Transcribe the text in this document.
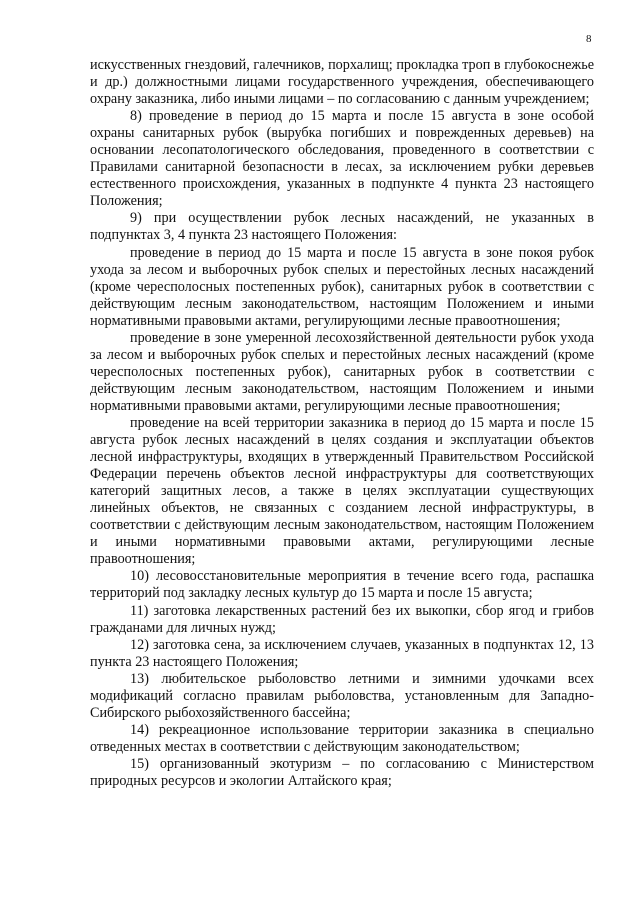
8

искусственных гнездовий, галечников, порхалищ; прокладка троп в глубокоснежье и др.) должностными лицами государственного учреждения, обеспечивающего охрану заказника, либо иными лицами – по согласованию с данным учреждением;

8) проведение в период до 15 марта и после 15 августа в зоне особой охраны санитарных рубок (вырубка погибших и поврежденных деревьев) на основании лесопатологического обследования, проведенного в соответствии с Правилами санитарной безопасности в лесах, за исключением рубки деревьев естественного происхождения, указанных в подпункте 4 пункта 23 настоящего Положения;

9) при осуществлении рубок лесных насаждений, не указанных в подпунктах 3, 4 пункта 23 настоящего Положения:

проведение в период до 15 марта и после 15 августа в зоне покоя рубок ухода за лесом и выборочных рубок спелых и перестойных лесных насаждений (кроме чересполосных постепенных рубок), санитарных рубок в соответствии с действующим лесным законодательством, настоящим Положением и иными нормативными правовыми актами, регулирующими лесные правоотношения;

проведение в зоне умеренной лесохозяйственной деятельности рубок ухода за лесом и выборочных рубок спелых и перестойных лесных насаждений (кроме чересполосных постепенных рубок), санитарных рубок в соответствии с действующим лесным законодательством, настоящим Положением и иными нормативными правовыми актами, регулирующими лесные правоотношения;

проведение на всей территории заказника в период до 15 марта и после 15 августа рубок лесных насаждений в целях создания и эксплуатации объектов лесной инфраструктуры, входящих в утвержденный Правительством Российской Федерации перечень объектов лесной инфраструктуры для соответствующих категорий защитных лесов, а также в целях эксплуатации существующих линейных объектов, не связанных с созданием лесной инфраструктуры, в соответствии с действующим лесным законодательством, настоящим Положением и иными нормативными правовыми актами, регулирующими лесные правоотношения;

10) лесовосстановительные мероприятия в течение всего года, распашка территорий под закладку лесных культур до 15 марта и после 15 августа;

11) заготовка лекарственных растений без их выкопки, сбор ягод и грибов гражданами для личных нужд;

12) заготовка сена, за исключением случаев, указанных в подпунктах 12, 13 пункта 23 настоящего Положения;

13) любительское рыболовство летними и зимними удочками всех модификаций согласно правилам рыболовства, установленным для Западно-Сибирского рыбохозяйственного бассейна;

14) рекреационное использование территории заказника в специально отведенных местах в соответствии с действующим законодательством;

15) организованный экотуризм – по согласованию с Министерством природных ресурсов и экологии Алтайского края;
